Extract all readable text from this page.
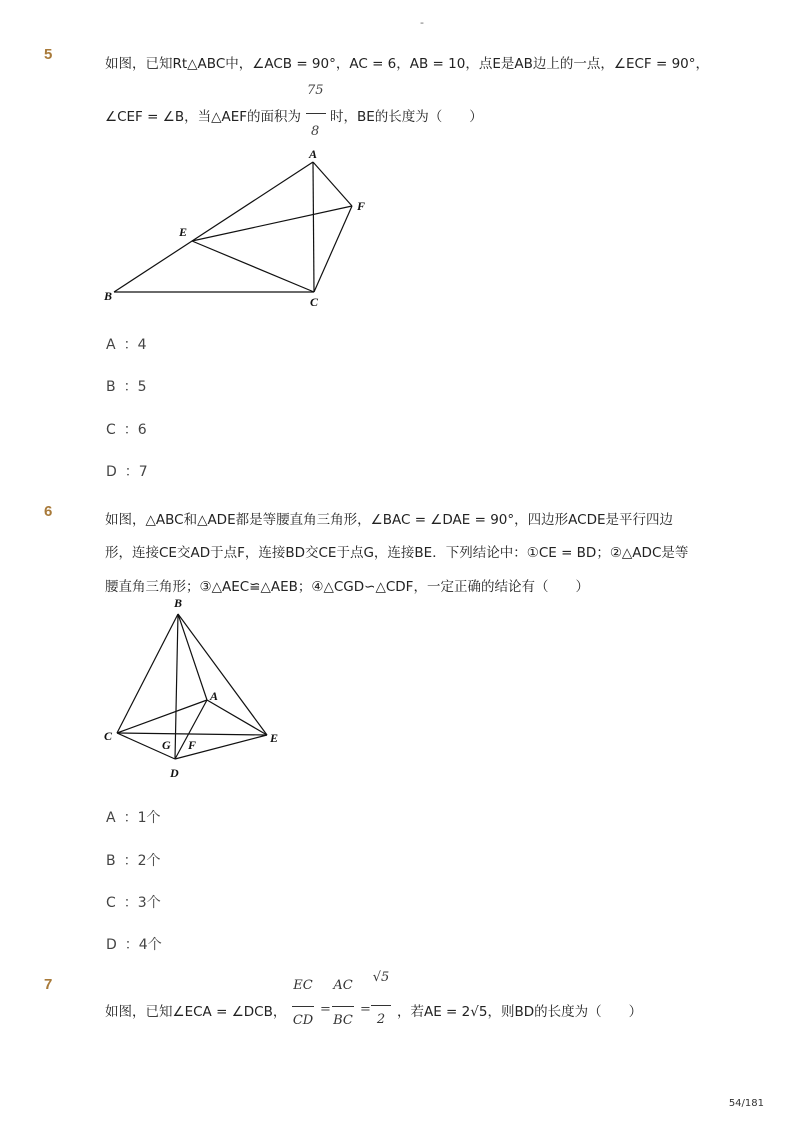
-
5
如图，已知Rt△ABC中，∠ACB = 90°，AC = 6，AB = 10，点E是AB边上的一点，∠ECF = 90°，
75
8
∠CEF = ∠B，当△AEF的面积为 时，BE的长度为（　　）
A
B	C
E
F
A ：4
B ：5
C ：6
D ：7
6	如图，△ABC和△ADE都是等腰直角三角形，∠BAC = ∠DAE = 90°，四边形ACDE是平行四边
形，连接CE交AD于点F，连接BD交CE于点G，连接BE．下列结论中：①CE = BD；②△ADC是等
腰直角三角形；③△AEC≌△AEB；④△CGD∽△CDF，一定正确的结论有（　　）
B
A
C	E
G F
D
A ：1个
B ：2个
C ：3个
D ：4个
7
如图，已知∠ECA = ∠DCB，
EC
CD
=
AC
BC
=
√5
2 ，若AE = 2√5，则BD的长度为（　　）
54/181
